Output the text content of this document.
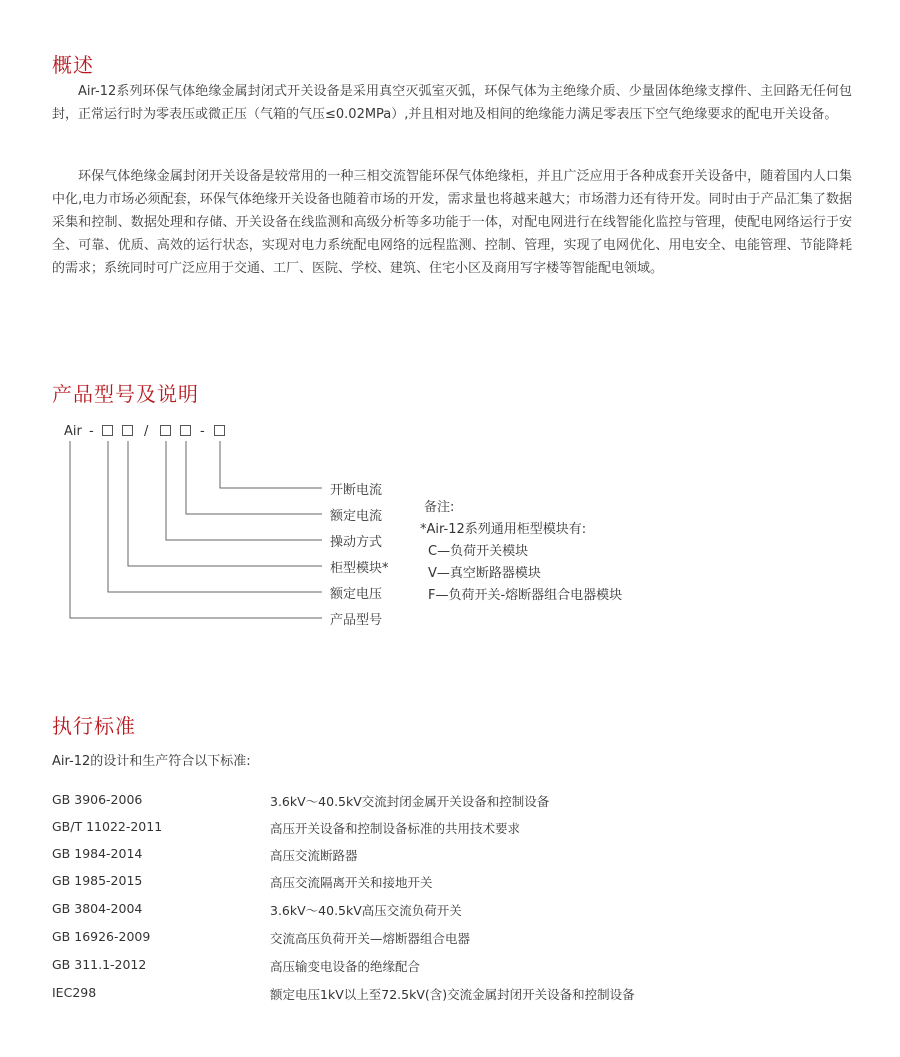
概述

Air-12系列环保气体绝缘金属封闭式开关设备是采用真空灭弧室灭弧，环保气体为主绝缘介质、少量固体绝缘支撑件、主回路无任何包封，正常运行时为零表压或微正压（气箱的气压≤0.02MPa）,并且相对地及相间的绝缘能力满足零表压下空气绝缘要求的配电开关设备。

环保气体绝缘金属封闭开关设备是较常用的一种三相交流智能环保气体绝缘柜，并且广泛应用于各种成套开关设备中，随着国内人口集中化,电力市场必须配套，环保气体绝缘开关设备也随着市场的开发，需求量也将越来越大；市场潜力还有待开发。同时由于产品汇集了数据采集和控制、数据处理和存储、开关设备在线监测和高级分析等多功能于一体，对配电网进行在线智能化监控与管理，使配电网络运行于安全、可靠、优质、高效的运行状态，实现对电力系统配电网络的远程监测、控制、管理，实现了电网优化、用电安全、电能管理、节能降耗的需求；系统同时可广泛应用于交通、工厂、医院、学校、建筑、住宅小区及商用写字楼等智能配电领域。

产品型号及说明
Air -	/	-
开断电流
额定电流
操动方式
柜型模块*
额定电压
产品型号
备注:
*Air-12系列通用柜型模块有:
C—负荷开关模块
V—真空断路器模块
F—负荷开关-熔断器组合电器模块
执行标准
Air-12的设计和生产符合以下标准:
GB 3906-2006	3.6kV～40.5kV交流封闭金属开关设备和控制设备
GB/T 11022-2011	高压开关设备和控制设备标准的共用技术要求
GB 1984-2014	高压交流断路器
GB 1985-2015	高压交流隔离开关和接地开关
GB 3804-2004	3.6kV～40.5kV高压交流负荷开关
GB 16926-2009	交流高压负荷开关—熔断器组合电器
GB 311.1-2012	高压输变电设备的绝缘配合
IEC298	额定电压1kV以上至72.5kV(含)交流金属封闭开关设备和控制设备
